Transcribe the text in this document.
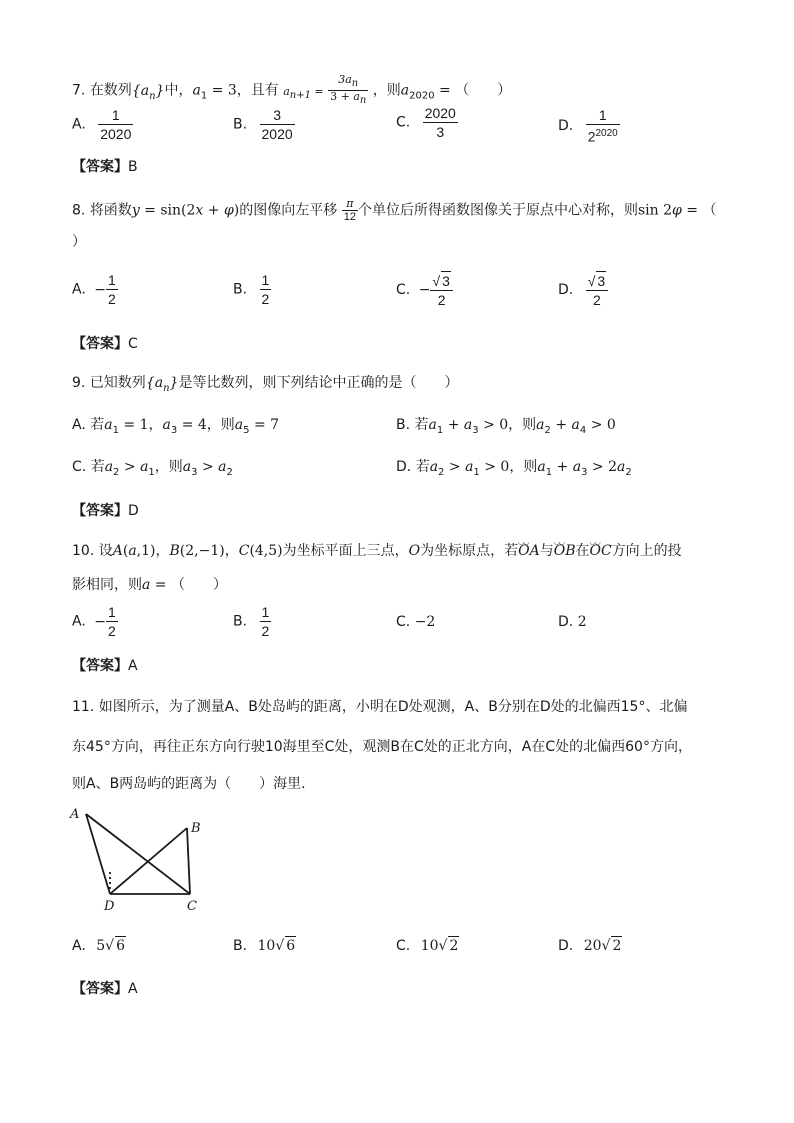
7. 在数列$\{a_n\}$中，$a_1 = 3$，且有 $a_{n+1} = \frac{3a_n}{3 + a_n}$ ，则$a_{2020}$ = （　　）
A. $\frac{1}{2020}$	B. $\frac{3}{2020}$	C. $\frac{2020}{3}$	D. $\frac{1}{2^{2020}}$
【答案】B
8. 将函数y = sin(2x + φ)的图像向左平移 $\frac{\pi}{12}$ 个单位后所得函数图像关于原点中心对称，则sin 2φ = （
）
A. − $\frac{1}{2}$	B. $\frac{1}{2}$	C. − $\frac{√ 3}{2}$	D. $\frac{√ 3}{2}$
【答案】C
9. 已知数列$\{a_n\}$是等比数列，则下列结论中正确的是（　　）
A. 若$a_1 = 1$，$a_3 = 4$，则$a_5 = 7$	B. 若$a_1 + a_3 > 0$，则$a_2 + a_4 > 0$
C. 若$a_2 > a_1$，则$a_3 > a_2$	D. 若$a_2 > a_1 > 0$，则$a_1 + a_3 > 2a_2$
【答案】D
10. 设A(a,1)，B(2,−1)，C(4,5)为坐标平面上三点，O为坐标原点，若◡◡ OA与◡◡ OB在◡◡ OC方向上的投
影相同，则a = （　　）
A. − $\frac{1}{2}$	B. $\frac{1}{2}$	C. −2	D. 2
【答案】A
11. 如图所示，为了测量A、B处岛屿的距离，小明在D处观测，A、B分别在D处的北偏西15°、北偏
东45°方向，再往正东方向行驶10海里至C处，观测B在C处的正北方向，A在C处的北偏西60°方向，
则A、B两岛屿的距离为（　　）海里．
A
B
D	C
A. 5√ 6	B. 10√ 6	C. 10√ 2	D. 20√ 2
【答案】A
